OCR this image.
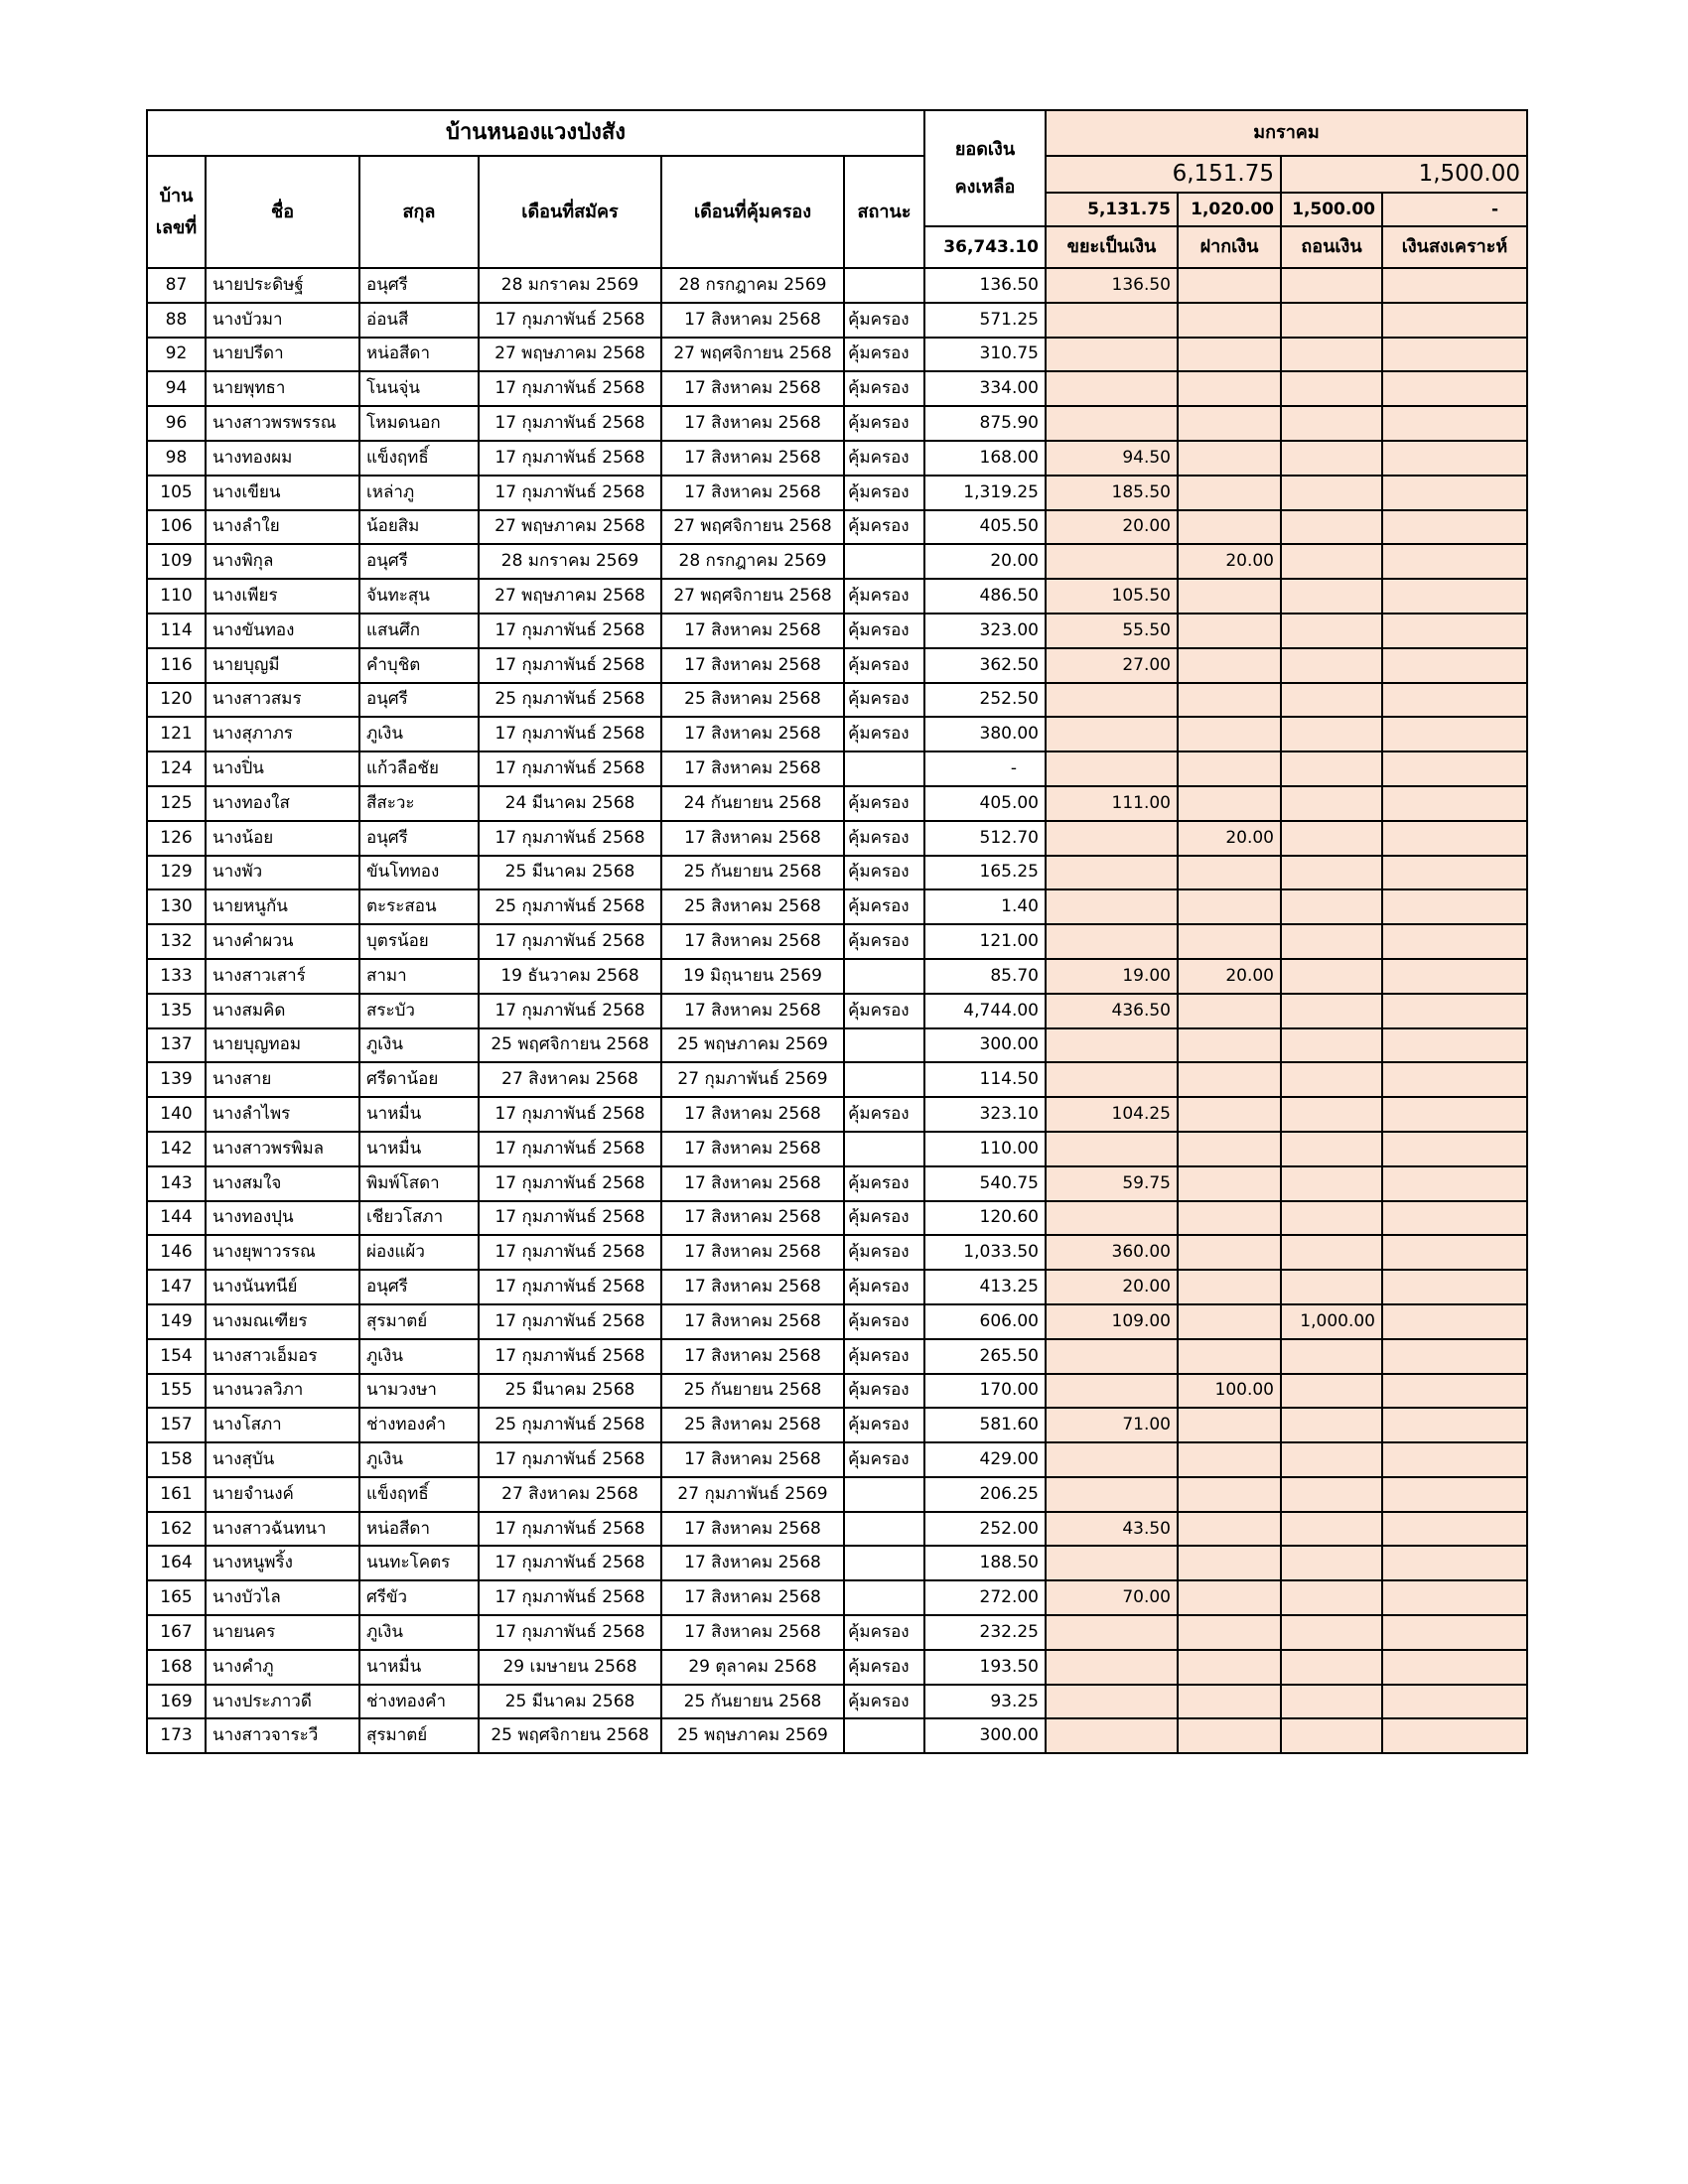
บ้านหนองแวงป่งสัง						ยอดเงิน
คงเหลือ	มกราคม			

บ้าน
เลขที่	ชื่อ	สกุล	เดือนที่สมัคร	เดือนที่คุ้มครอง	สถานะ		6,151.75		1,500.00	
							5,131.75	1,020.00	1,500.00	-
						36,743.10	ขยะเป็นเงิน	ฝากเงิน	ถอนเงิน	เงินสงเคราะห์
87	นายประดิษฐ์	อนุศรี	28 มกราคม 2569	28 กรกฎาคม 2569		136.50	136.50			
88	นางบัวมา	อ่อนสี	17 กุมภาพันธ์ 2568	17 สิงหาคม 2568	คุ้มครอง	571.25				
92	นายปรีดา	หน่อสีดา	27 พฤษภาคม 2568	27 พฤศจิกายน 2568	คุ้มครอง	310.75				
94	นายพุทธา	โนนจุ่น	17 กุมภาพันธ์ 2568	17 สิงหาคม 2568	คุ้มครอง	334.00				
96	นางสาวพรพรรณ	โหมดนอก	17 กุมภาพันธ์ 2568	17 สิงหาคม 2568	คุ้มครอง	875.90				
98	นางทองผม	แข็งฤทธิ์	17 กุมภาพันธ์ 2568	17 สิงหาคม 2568	คุ้มครอง	168.00	94.50			
105	นางเขียน	เหล่าภู	17 กุมภาพันธ์ 2568	17 สิงหาคม 2568	คุ้มครอง	1,319.25	185.50			
106	นางลำใย	น้อยสิม	27 พฤษภาคม 2568	27 พฤศจิกายน 2568	คุ้มครอง	405.50	20.00			
109	นางพิกุล	อนุศรี	28 มกราคม 2569	28 กรกฎาคม 2569		20.00		20.00		
110	นางเพียร	จันทะสุน	27 พฤษภาคม 2568	27 พฤศจิกายน 2568	คุ้มครอง	486.50	105.50			
114	นางขันทอง	แสนศึก	17 กุมภาพันธ์ 2568	17 สิงหาคม 2568	คุ้มครอง	323.00	55.50			
116	นายบุญมี	คำบุชิต	17 กุมภาพันธ์ 2568	17 สิงหาคม 2568	คุ้มครอง	362.50	27.00			
120	นางสาวสมร	อนุศรี	25 กุมภาพันธ์ 2568	25 สิงหาคม 2568	คุ้มครอง	252.50				
121	นางสุภาภร	ภูเงิน	17 กุมภาพันธ์ 2568	17 สิงหาคม 2568	คุ้มครอง	380.00				
124	นางปิ่น	แก้วลือชัย	17 กุมภาพันธ์ 2568	17 สิงหาคม 2568		-				
125	นางทองใส	สีสะวะ	24 มีนาคม 2568	24 กันยายน 2568	คุ้มครอง	405.00	111.00			
126	นางน้อย	อนุศรี	17 กุมภาพันธ์ 2568	17 สิงหาคม 2568	คุ้มครอง	512.70		20.00		
129	นางพัว	ขันโททอง	25 มีนาคม 2568	25 กันยายน 2568	คุ้มครอง	165.25				
130	นายหนูกัน	ตะระสอน	25 กุมภาพันธ์ 2568	25 สิงหาคม 2568	คุ้มครอง	1.40				
132	นางคำผวน	บุตรน้อย	17 กุมภาพันธ์ 2568	17 สิงหาคม 2568	คุ้มครอง	121.00				
133	นางสาวเสาร์	สามา	19 ธันวาคม 2568	19 มิถุนายน 2569		85.70	19.00	20.00		
135	นางสมคิด	สระบัว	17 กุมภาพันธ์ 2568	17 สิงหาคม 2568	คุ้มครอง	4,744.00	436.50			
137	นายบุญทอม	ภูเงิน	25 พฤศจิกายน 2568	25 พฤษภาคม 2569		300.00				
139	นางสาย	ศรีดาน้อย	27 สิงหาคม 2568	27 กุมภาพันธ์ 2569		114.50				
140	นางลำไพร	นาหมื่น	17 กุมภาพันธ์ 2568	17 สิงหาคม 2568	คุ้มครอง	323.10	104.25			
142	นางสาวพรพิมล	นาหมื่น	17 กุมภาพันธ์ 2568	17 สิงหาคม 2568		110.00				
143	นางสมใจ	พิมพ์โสดา	17 กุมภาพันธ์ 2568	17 สิงหาคม 2568	คุ้มครอง	540.75	59.75			
144	นางทองปุน	เชียวโสภา	17 กุมภาพันธ์ 2568	17 สิงหาคม 2568	คุ้มครอง	120.60				
146	นางยุพาวรรณ	ผ่องแผ้ว	17 กุมภาพันธ์ 2568	17 สิงหาคม 2568	คุ้มครอง	1,033.50	360.00			
147	นางนันทนีย์	อนุศรี	17 กุมภาพันธ์ 2568	17 สิงหาคม 2568	คุ้มครอง	413.25	20.00			
149	นางมณเฑียร	สุรมาตย์	17 กุมภาพันธ์ 2568	17 สิงหาคม 2568	คุ้มครอง	606.00	109.00		1,000.00	
154	นางสาวเอ็มอร	ภูเงิน	17 กุมภาพันธ์ 2568	17 สิงหาคม 2568	คุ้มครอง	265.50				
155	นางนวลวิภา	นามวงษา	25 มีนาคม 2568	25 กันยายน 2568	คุ้มครอง	170.00		100.00		
157	นางโสภา	ช่างทองคำ	25 กุมภาพันธ์ 2568	25 สิงหาคม 2568	คุ้มครอง	581.60	71.00			
158	นางสุบัน	ภูเงิน	17 กุมภาพันธ์ 2568	17 สิงหาคม 2568	คุ้มครอง	429.00				
161	นายจำนงค์	แข็งฤทธิ์	27 สิงหาคม 2568	27 กุมภาพันธ์ 2569		206.25				
162	นางสาวฉันทนา	หน่อสีดา	17 กุมภาพันธ์ 2568	17 สิงหาคม 2568		252.00	43.50			
164	นางหนูพริ้ง	นนทะโคตร	17 กุมภาพันธ์ 2568	17 สิงหาคม 2568		188.50				
165	นางบัวไล	ศรีขัว	17 กุมภาพันธ์ 2568	17 สิงหาคม 2568		272.00	70.00			
167	นายนคร	ภูเงิน	17 กุมภาพันธ์ 2568	17 สิงหาคม 2568	คุ้มครอง	232.25				
168	นางคำภู	นาหมื่น	29 เมษายน 2568	29 ตุลาคม 2568	คุ้มครอง	193.50				
169	นางประภาวดี	ช่างทองคำ	25 มีนาคม 2568	25 กันยายน 2568	คุ้มครอง	93.25				
173	นางสาวจาระวี	สุรมาตย์	25 พฤศจิกายน 2568	25 พฤษภาคม 2569		300.00				
